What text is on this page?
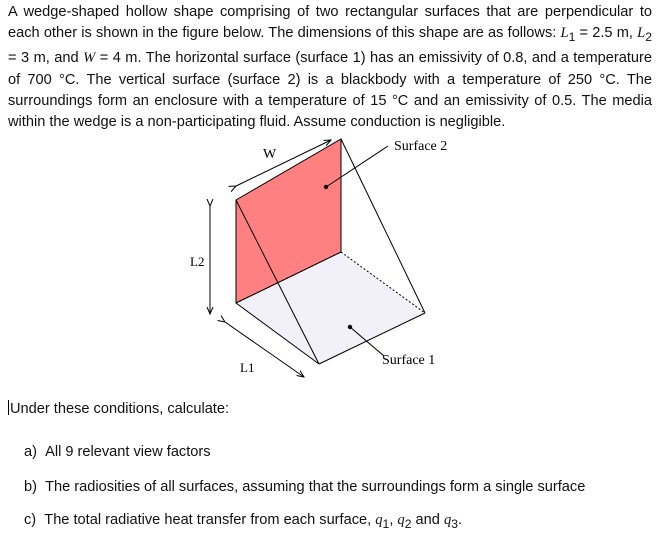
A wedge-shaped hollow shape comprising of two rectangular surfaces that are perpendicular to each other is shown in the figure below. The dimensions of this shape are as follows: $L_1 = 2.5$ m, $L_2 = 3$ m, and W = 4 m. The horizontal surface (surface 1) has an emissivity of 0.8, and a temperature of 700 °C. The vertical surface (surface 2) is a blackbody with a temperature of 250 °C. The surroundings form an enclosure with a temperature of 15 °C and an emissivity of 0.5. The media within the wedge is a non-participating fluid. Assume conduction is negligible.
W
Surface 2
L2
L1	Surface 1
Under these conditions, calculate:
a) All 9 relevant view factors
b) The radiosities of all surfaces, assuming that the surroundings form a single surface
c) The total radiative heat transfer from each surface, $q_1$, $q_2$ and $q_3$.
